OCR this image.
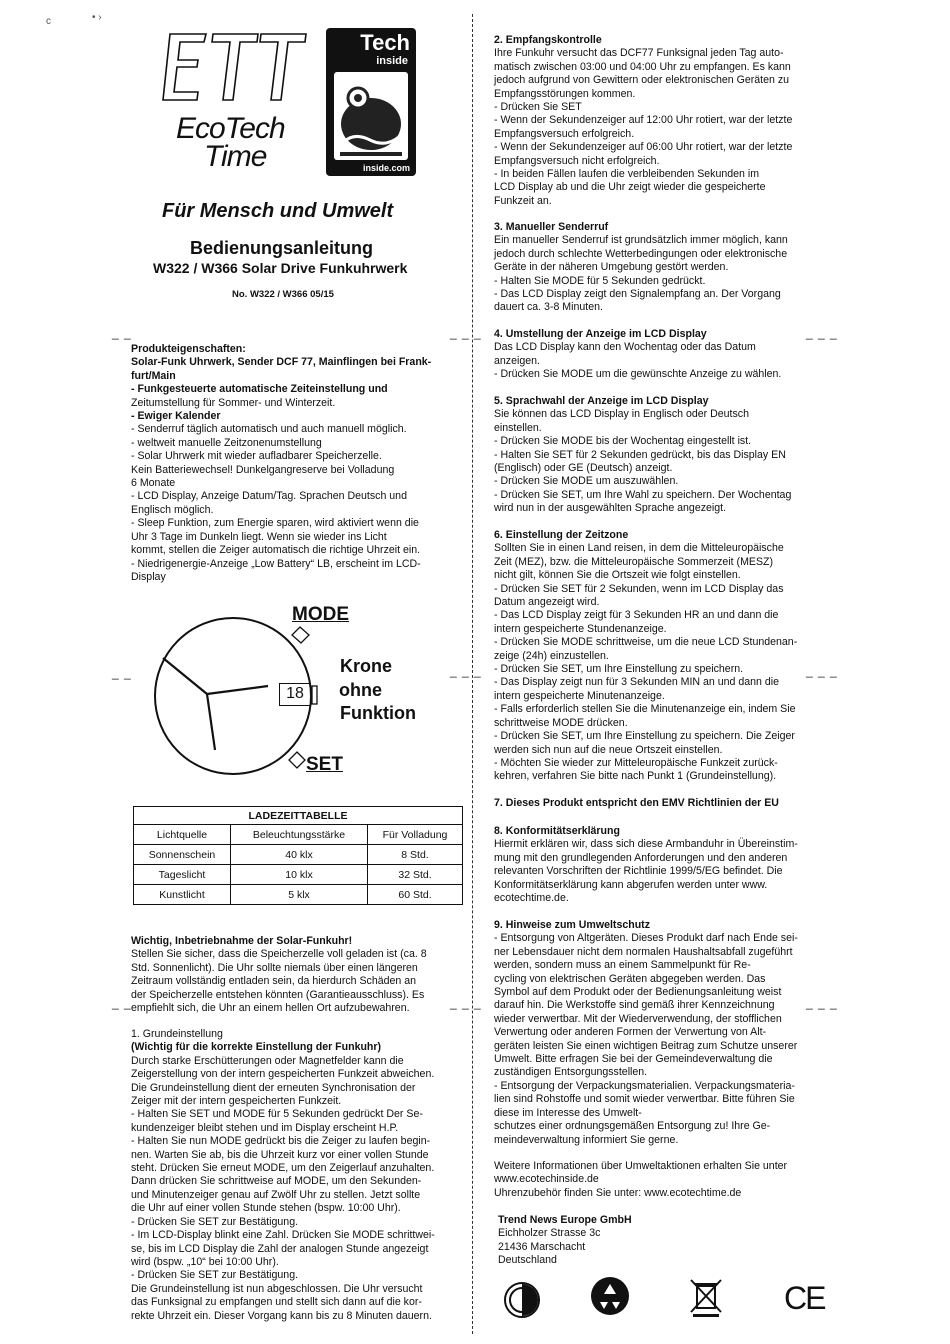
c	• ›
EcoTech
Time
Tech
inside
inside.com
Für Mensch und Umwelt
Bedienungsanleitung
W322 / W366 Solar Drive Funkuhrwerk
No. W322 / W366 05/15
_ _
_ _
Produkteigenschaften:
Solar-Funk Uhrwerk, Sender DCF 77, Mainflingen bei Frank-
furt/Main
- Funkgesteuerte automatische Zeiteinstellung und
Zeitumstellung für Sommer- und Winterzeit.
- Ewiger Kalender
- Senderruf täglich automatisch und auch manuell möglich.
- weltweit manuelle Zeitzonenumstellung
- Solar Uhrwerk mit wieder aufladbarer Speicherzelle.
Kein Batteriewechsel! Dunkelgangreserve bei Volladung
6 Monate
- LCD Display, Anzeige Datum/Tag. Sprachen Deutsch und
Englisch möglich.
- Sleep Funktion, zum Energie sparen, wird aktiviert wenn die
Uhr 3 Tage im Dunkeln liegt. Wenn sie wieder ins Licht
kommt, stellen die Zeiger automatisch die richtige Uhrzeit ein.
- Niedrigenergie-Anzeige „Low Battery“ LB, erscheint im LCD-
Display
MODE
SET
18
Krone
ohne
Funktion
LADEZEITTABELLE		
Lichtquelle	Beleuchtungsstärke	Für Volladung
Sonnenschein	40 klx	8 Std.
Tageslicht	10 klx	32 Std.
Kunstlicht	5 klx	60 Std.
Wichtig, Inbetriebnahme der Solar-Funkuhr!
Stellen Sie sicher, dass die Speicherzelle voll geladen ist (ca. 8
Std. Sonnenlicht). Die Uhr sollte niemals über einen längeren
Zeitraum vollständig entladen sein, da hierdurch Schäden an
der Speicherzelle entstehen könnten (Garantieausschluss). Es
empfiehlt sich, die Uhr an einem hellen Ort aufzubewahren.
_ _
1. Grundeinstellung
(Wichtig für die korrekte Einstellung der Funkuhr)
Durch starke Erschütterungen oder Magnetfelder kann die
Zeigerstellung von der intern gespeicherten Funkzeit abweichen.
Die Grundeinstellung dient der erneuten Synchronisation der
Zeiger mit der intern gespeicherten Funkzeit.
- Halten Sie SET und MODE für 5 Sekunden gedrückt Der Se-
kundenzeiger bleibt stehen und im Display erscheint H.P.
- Halten Sie nun MODE gedrückt bis die Zeiger zu laufen begin-
nen. Warten Sie ab, bis die Uhrzeit kurz vor einer vollen Stunde
steht. Drücken Sie erneut MODE, um den Zeigerlauf anzuhalten.
Dann drücken Sie schrittweise auf MODE, um den Sekunden-
und Minutenzeiger genau auf Zwölf Uhr zu stellen. Jetzt sollte
die Uhr auf einer vollen Stunde stehen (bspw. 10:00 Uhr).
- Drücken Sie SET zur Bestätigung.
- Im LCD-Display blinkt eine Zahl. Drücken Sie MODE schrittwei-
se, bis im LCD Display die Zahl der analogen Stunde angezeigt
wird (bspw. „10“ bei 10:00 Uhr).
- Drücken Sie SET zur Bestätigung.
Die Grundeinstellung ist nun abgeschlossen. Die Uhr versucht
das Funksignal zu empfangen und stellt sich dann auf die kor-
rekte Uhrzeit ein. Dieser Vorgang kann bis zu 8 Minuten dauern.
_ _ _
_ _ _
_ _ _
2. Empfangskontrolle
Ihre Funkuhr versucht das DCF77 Funksignal jeden Tag auto-
matisch zwischen 03:00 und 04:00 Uhr zu empfangen. Es kann
jedoch aufgrund von Gewittern oder elektronischen Geräten zu
Empfangsstörungen kommen.
- Drücken Sie SET
- Wenn der Sekundenzeiger auf 12:00 Uhr rotiert, war der letzte
Empfangsversuch erfolgreich.
- Wenn der Sekundenzeiger auf 06:00 Uhr rotiert, war der letzte
Empfangsversuch nicht erfolgreich.
- In beiden Fällen laufen die verbleibenden Sekunden im
LCD Display ab und die Uhr zeigt wieder die gespeicherte
Funkzeit an.
3. Manueller Senderruf
Ein manueller Senderruf ist grundsätzlich immer möglich, kann
jedoch durch schlechte Wetterbedingungen oder elektronische
Geräte in der näheren Umgebung gestört werden.
- Halten Sie MODE für 5 Sekunden gedrückt.
- Das LCD Display zeigt den Signalempfang an. Der Vorgang
dauert ca. 3-8 Minuten.
4. Umstellung der Anzeige im LCD Display
Das LCD Display kann den Wochentag oder das Datum
anzeigen.
- Drücken Sie MODE um die gewünschte Anzeige zu wählen.
_ _ _
5. Sprachwahl der Anzeige im LCD Display
Sie können das LCD Display in Englisch oder Deutsch
einstellen.
- Drücken Sie MODE bis der Wochentag eingestellt ist.
- Halten Sie SET für 2 Sekunden gedrückt, bis das Display EN
(Englisch) oder GE (Deutsch) anzeigt.
- Drücken Sie MODE um auszuwählen.
- Drücken Sie SET, um Ihre Wahl zu speichern. Der Wochentag
wird nun in der ausgewählten Sprache angezeigt.
6. Einstellung der Zeitzone
Sollten Sie in einen Land reisen, in dem die Mitteleuropäische
Zeit (MEZ), bzw. die Mitteleuropäische Sommerzeit (MESZ)
nicht gilt, können Sie die Ortszeit wie folgt einstellen.
- Drücken Sie SET für 2 Sekunden, wenn im LCD Display das
Datum angezeigt wird.
- Das LCD Display zeigt für 3 Sekunden HR an und dann die
intern gespeicherte Stundenanzeige.
- Drücken Sie MODE schrittweise, um die neue LCD Stundenan-
zeige (24h) einzustellen.
- Drücken Sie SET, um Ihre Einstellung zu speichern.
- Das Display zeigt nun für 3 Sekunden MIN an und dann die
intern gespeicherte Minutenanzeige.
- Falls erforderlich stellen Sie die Minutenanzeige ein, indem Sie
schrittweise MODE drücken.
- Drücken Sie SET, um Ihre Einstellung zu speichern. Die Zeiger
werden sich nun auf die neue Ortszeit einstellen.
- Möchten Sie wieder zur Mitteleuropäische Funkzeit zurück-
kehren, verfahren Sie bitte nach Punkt 1 (Grundeinstellung).
_ _ _
7. Dieses Produkt entspricht den EMV Richtlinien der EU
8. Konformitätserklärung
Hiermit erklären wir, dass sich diese Armbanduhr in Übereinstim-
mung mit den grundlegenden Anforderungen und den anderen
relevanten Vorschriften der Richtlinie 1999/5/EG befindet. Die
Konformitätserklärung kann abgerufen werden unter www.
ecotechtime.de.
9. Hinweise zum Umweltschutz
- Entsorgung von Altgeräten. Dieses Produkt darf nach Ende sei-
ner Lebensdauer nicht dem normalen Haushaltsabfall zugeführt
werden, sondern muss an einem Sammelpunkt für Re-
cycling von elektrischen Geräten abgegeben werden. Das
Symbol auf dem Produkt oder der Bedienungsanleitung weist
darauf hin. Die Werkstoffe sind gemäß ihrer Kennzeichnung
wieder verwertbar. Mit der Wiederverwendung, der stofflichen
Verwertung oder anderen Formen der Verwertung von Alt-
geräten leisten Sie einen wichtigen Beitrag zum Schutze unserer
Umwelt. Bitte erfragen Sie bei der Gemeindeverwaltung die
zuständigen Entsorgungsstellen.
- Entsorgung der Verpackungsmaterialien. Verpackungsmateria-
lien sind Rohstoffe und somit wieder verwertbar. Bitte führen Sie
diese im Interesse des Umwelt-
schutzes einer ordnungsgemäßen Entsorgung zu! Ihre Ge-
meindeverwaltung informiert Sie gerne.
_ _ _
Weitere Informationen über Umweltaktionen erhalten Sie unter
www.ecotechinside.de
Uhrenzubehör finden Sie unter: www.ecotechtime.de
Trend News Europe GmbH
Eichholzer Strasse 3c
21436 Marschacht
Deutschland
CE
